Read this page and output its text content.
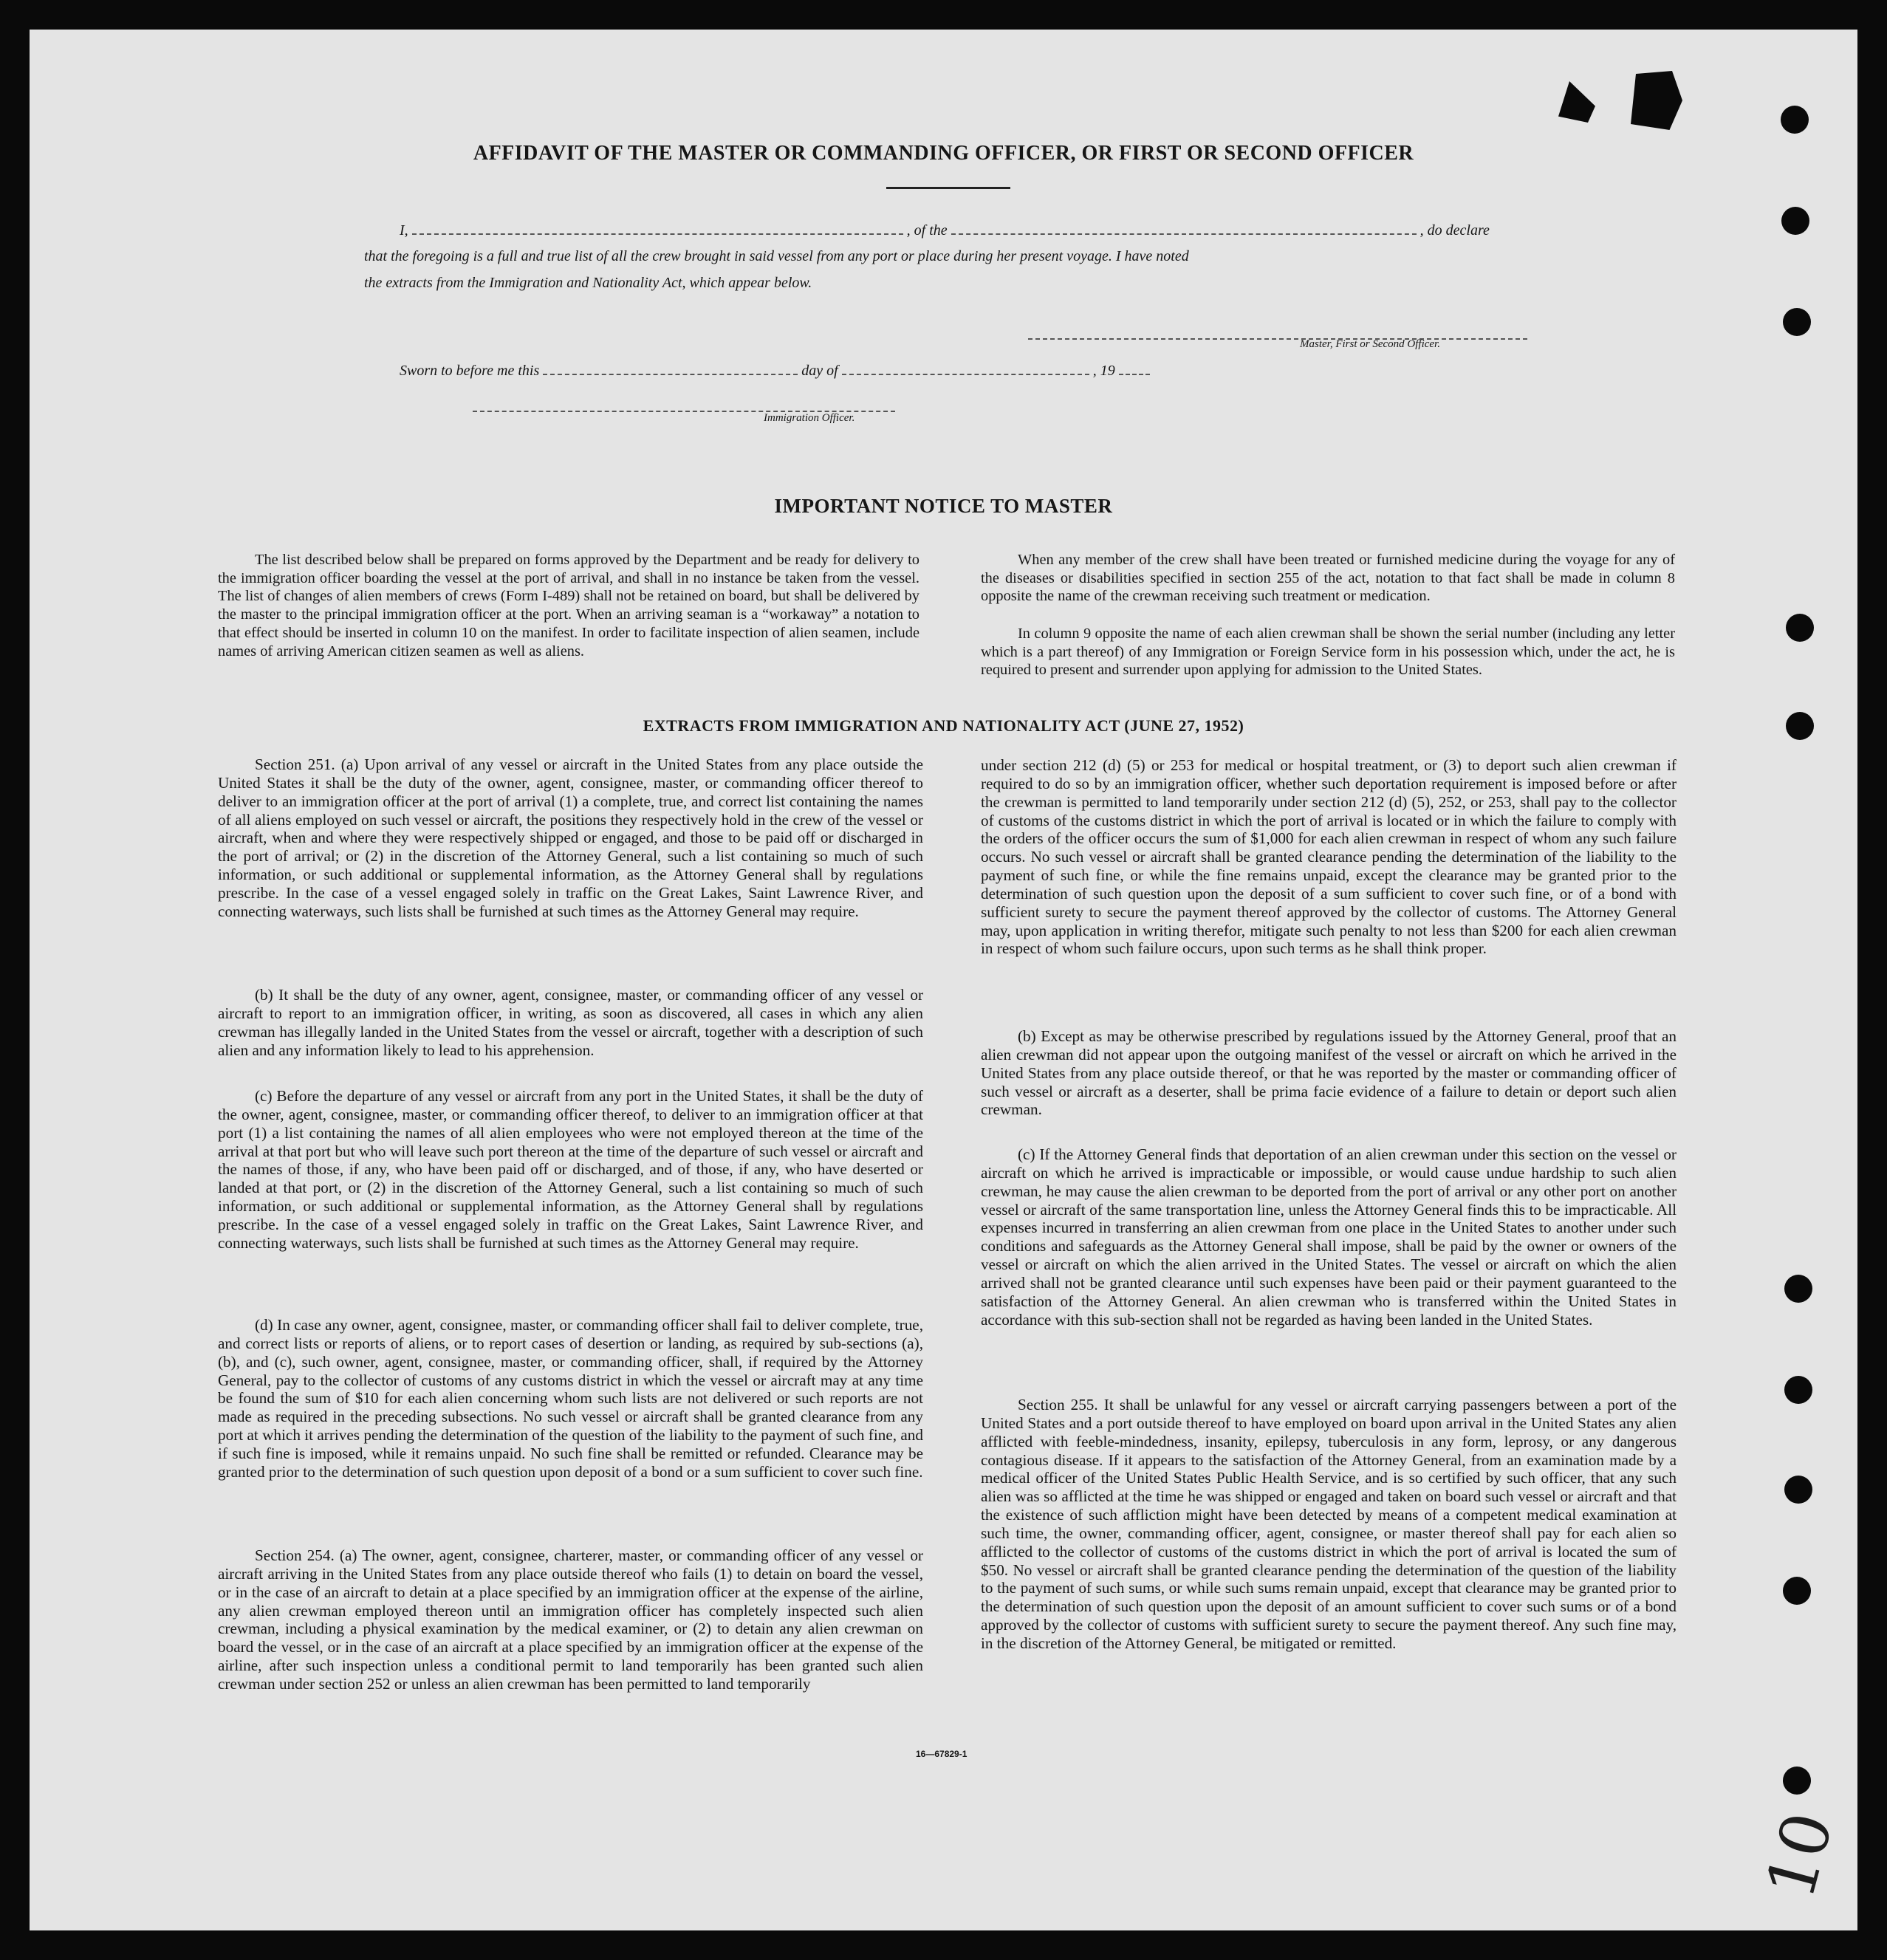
AFFIDAVIT OF THE MASTER OR COMMANDING OFFICER, OR FIRST OR SECOND OFFICER
I,	, of the	, do declare
that the foregoing is a full and true list of all the crew brought in said vessel from any port or place during her present voyage. I have noted
the extracts from the Immigration and Nationality Act, which appear below.
Master, First or Second Officer.
Sworn to before me this	day of	, 19
Immigration Officer.
IMPORTANT NOTICE TO MASTER

The list described below shall be prepared on forms approved by the Department and be ready for delivery to the immigration officer boarding the vessel at the port of arrival, and shall in no instance be taken from the vessel. The list of changes of alien members of crews (Form I-489) shall not be retained on board, but shall be delivered by the master to the principal immigration officer at the port. When an arriving seaman is a “workaway” a notation to that effect should be inserted in column 10 on the manifest. In order to facilitate inspection of alien seamen, include names of arriving American citizen seamen as well as aliens.

When any member of the crew shall have been treated or furnished medicine during the voyage for any of the diseases or disabilities specified in section 255 of the act, notation to that fact shall be made in column 8 opposite the name of the crewman receiving such treatment or medication.

In column 9 opposite the name of each alien crewman shall be shown the serial number (including any letter which is a part thereof) of any Immigration or Foreign Service form in his possession which, under the act, he is required to present and surrender upon applying for admission to the United States.

EXTRACTS FROM IMMIGRATION AND NATIONALITY ACT (JUNE 27, 1952)

Section 251. (a) Upon arrival of any vessel or aircraft in the United States from any place outside the United States it shall be the duty of the owner, agent, consignee, master, or commanding officer thereof to deliver to an immigration officer at the port of arrival (1) a complete, true, and correct list containing the names of all aliens employed on such vessel or aircraft, the positions they respectively hold in the crew of the vessel or aircraft, when and where they were respectively shipped or engaged, and those to be paid off or discharged in the port of arrival; or (2) in the discretion of the Attorney General, such a list containing so much of such information, or such additional or supplemental information, as the Attorney General shall by regulations prescribe. In the case of a vessel engaged solely in traffic on the Great Lakes, Saint Lawrence River, and connecting waterways, such lists shall be furnished at such times as the Attorney General may require.

(b) It shall be the duty of any owner, agent, consignee, master, or commanding officer of any vessel or aircraft to report to an immigration officer, in writing, as soon as discovered, all cases in which any alien crewman has illegally landed in the United States from the vessel or aircraft, together with a description of such alien and any information likely to lead to his apprehension.

(c) Before the departure of any vessel or aircraft from any port in the United States, it shall be the duty of the owner, agent, consignee, master, or commanding officer thereof, to deliver to an immigration officer at that port (1) a list containing the names of all alien employees who were not employed thereon at the time of the arrival at that port but who will leave such port thereon at the time of the departure of such vessel or aircraft and the names of those, if any, who have been paid off or discharged, and of those, if any, who have deserted or landed at that port, or (2) in the discretion of the Attorney General, such a list containing so much of such information, or such additional or supplemental information, as the Attorney General shall by regulations prescribe. In the case of a vessel engaged solely in traffic on the Great Lakes, Saint Lawrence River, and connecting waterways, such lists shall be furnished at such times as the Attorney General may require.

(d) In case any owner, agent, consignee, master, or commanding officer shall fail to deliver complete, true, and correct lists or reports of aliens, or to report cases of desertion or landing, as required by sub-sections (a), (b), and (c), such owner, agent, consignee, master, or commanding officer, shall, if required by the Attorney General, pay to the collector of customs of any customs district in which the vessel or aircraft may at any time be found the sum of $10 for each alien concerning whom such lists are not delivered or such reports are not made as required in the preceding subsections. No such vessel or aircraft shall be granted clearance from any port at which it arrives pending the determination of the question of the liability to the payment of such fine, and if such fine is imposed, while it remains unpaid. No such fine shall be remitted or refunded. Clearance may be granted prior to the determination of such question upon deposit of a bond or a sum sufficient to cover such fine.

Section 254. (a) The owner, agent, consignee, charterer, master, or commanding officer of any vessel or aircraft arriving in the United States from any place outside thereof who fails (1) to detain on board the vessel, or in the case of an aircraft to detain at a place specified by an immigration officer at the expense of the airline, any alien crewman employed thereon until an immigration officer has completely inspected such alien crewman, including a physical examination by the medical examiner, or (2) to detain any alien crewman on board the vessel, or in the case of an aircraft at a place specified by an immigration officer at the expense of the airline, after such inspection unless a conditional permit to land temporarily has been granted such alien crewman under section 252 or unless an alien crewman has been permitted to land temporarily

under section 212 (d) (5) or 253 for medical or hospital treatment, or (3) to deport such alien crewman if required to do so by an immigration officer, whether such deportation requirement is imposed before or after the crewman is permitted to land temporarily under section 212 (d) (5), 252, or 253, shall pay to the collector of customs of the customs district in which the port of arrival is located or in which the failure to comply with the orders of the officer occurs the sum of $1,000 for each alien crewman in respect of whom any such failure occurs. No such vessel or aircraft shall be granted clearance pending the determination of the liability to the payment of such fine, or while the fine remains unpaid, except the clearance may be granted prior to the determination of such question upon the deposit of a sum sufficient to cover such fine, or of a bond with sufficient surety to secure the payment thereof approved by the collector of customs. The Attorney General may, upon application in writing therefor, mitigate such penalty to not less than $200 for each alien crewman in respect of whom such failure occurs, upon such terms as he shall think proper.

(b) Except as may be otherwise prescribed by regulations issued by the Attorney General, proof that an alien crewman did not appear upon the outgoing manifest of the vessel or aircraft on which he arrived in the United States from any place outside thereof, or that he was reported by the master or commanding officer of such vessel or aircraft as a deserter, shall be prima facie evidence of a failure to detain or deport such alien crewman.

(c) If the Attorney General finds that deportation of an alien crewman under this section on the vessel or aircraft on which he arrived is impracticable or impossible, or would cause undue hardship to such alien crewman, he may cause the alien crewman to be deported from the port of arrival or any other port on another vessel or aircraft of the same transportation line, unless the Attorney General finds this to be impracticable. All expenses incurred in transferring an alien crewman from one place in the United States to another under such conditions and safeguards as the Attorney General shall impose, shall be paid by the owner or owners of the vessel or aircraft on which the alien arrived in the United States. The vessel or aircraft on which the alien arrived shall not be granted clearance until such expenses have been paid or their payment guaranteed to the satisfaction of the Attorney General. An alien crewman who is transferred within the United States in accordance with this sub-section shall not be regarded as having been landed in the United States.

Section 255. It shall be unlawful for any vessel or aircraft carrying passengers between a port of the United States and a port outside thereof to have employed on board upon arrival in the United States any alien afflicted with feeble-mindedness, insanity, epilepsy, tuberculosis in any form, leprosy, or any dangerous contagious disease. If it appears to the satisfaction of the Attorney General, from an examination made by a medical officer of the United States Public Health Service, and is so certified by such officer, that any such alien was so afflicted at the time he was shipped or engaged and taken on board such vessel or aircraft and that the existence of such affliction might have been detected by means of a competent medical examination at such time, the owner, commanding officer, agent, consignee, or master thereof shall pay for each alien so afflicted to the collector of customs of the customs district in which the port of arrival is located the sum of $50. No vessel or aircraft shall be granted clearance pending the determination of the question of the liability to the payment of such sums, or while such sums remain unpaid, except that clearance may be granted prior to the determination of such question upon the deposit of an amount sufficient to cover such sums or of a bond approved by the collector of customs with sufficient surety to secure the payment thereof. Any such fine may, in the discretion of the Attorney General, be mitigated or remitted.

16—67829-1
10
